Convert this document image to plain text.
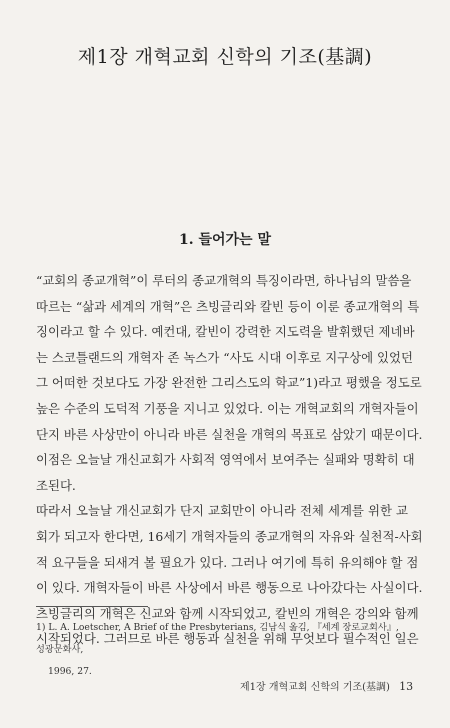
제1장 개혁교회 신학의 기조(基調)
1. 들어가는 말
“교회의 종교개혁”이 루터의 종교개혁의 특징이라면, 하나님의 말씀을
따르는 “삶과 세계의 개혁”은 츠빙글리와 칼빈 등이 이룬 종교개혁의 특
징이라고 할 수 있다. 예컨대, 칼빈이 강력한 지도력을 발휘했던 제네바
는 스코틀랜드의 개혁자 존 녹스가 “사도 시대 이후로 지구상에 있었던
그 어떠한 것보다도 가장 완전한 그리스도의 학교”1)라고 평했을 정도로
높은 수준의 도덕적 기풍을 지니고 있었다. 이는 개혁교회의 개혁자들이
단지 바른 사상만이 아니라 바른 실천을 개혁의 목표로 삼았기 때문이다.
이점은 오늘날 개신교회가 사회적 영역에서 보여주는 실패와 명확히 대
조된다.
따라서 오늘날 개신교회가 단지 교회만이 아니라 전체 세계를 위한 교
회가 되고자 한다면, 16세기 개혁자들의 종교개혁의 자유와 실천적-사회
적 요구들을 되새겨 볼 필요가 있다. 그러나 여기에 특히 유의해야 할 점
이 있다. 개혁자들이 바른 사상에서 바른 행동으로 나아갔다는 사실이다.
츠빙글리의 개혁은 신교와 함께 시작되었고, 칼빈의 개혁은 강의와 함께
시작되었다. 그러므로 바른 행동과 실천을 위해 무엇보다 필수적인 일은
1) L. A. Loetscher, A Brief of the Presbyterians, 김남식 옮김, 『세계 장로교회사』, 성광문화사,
1996, 27.
제1장 개혁교회 신학의 기조(基調) 13
